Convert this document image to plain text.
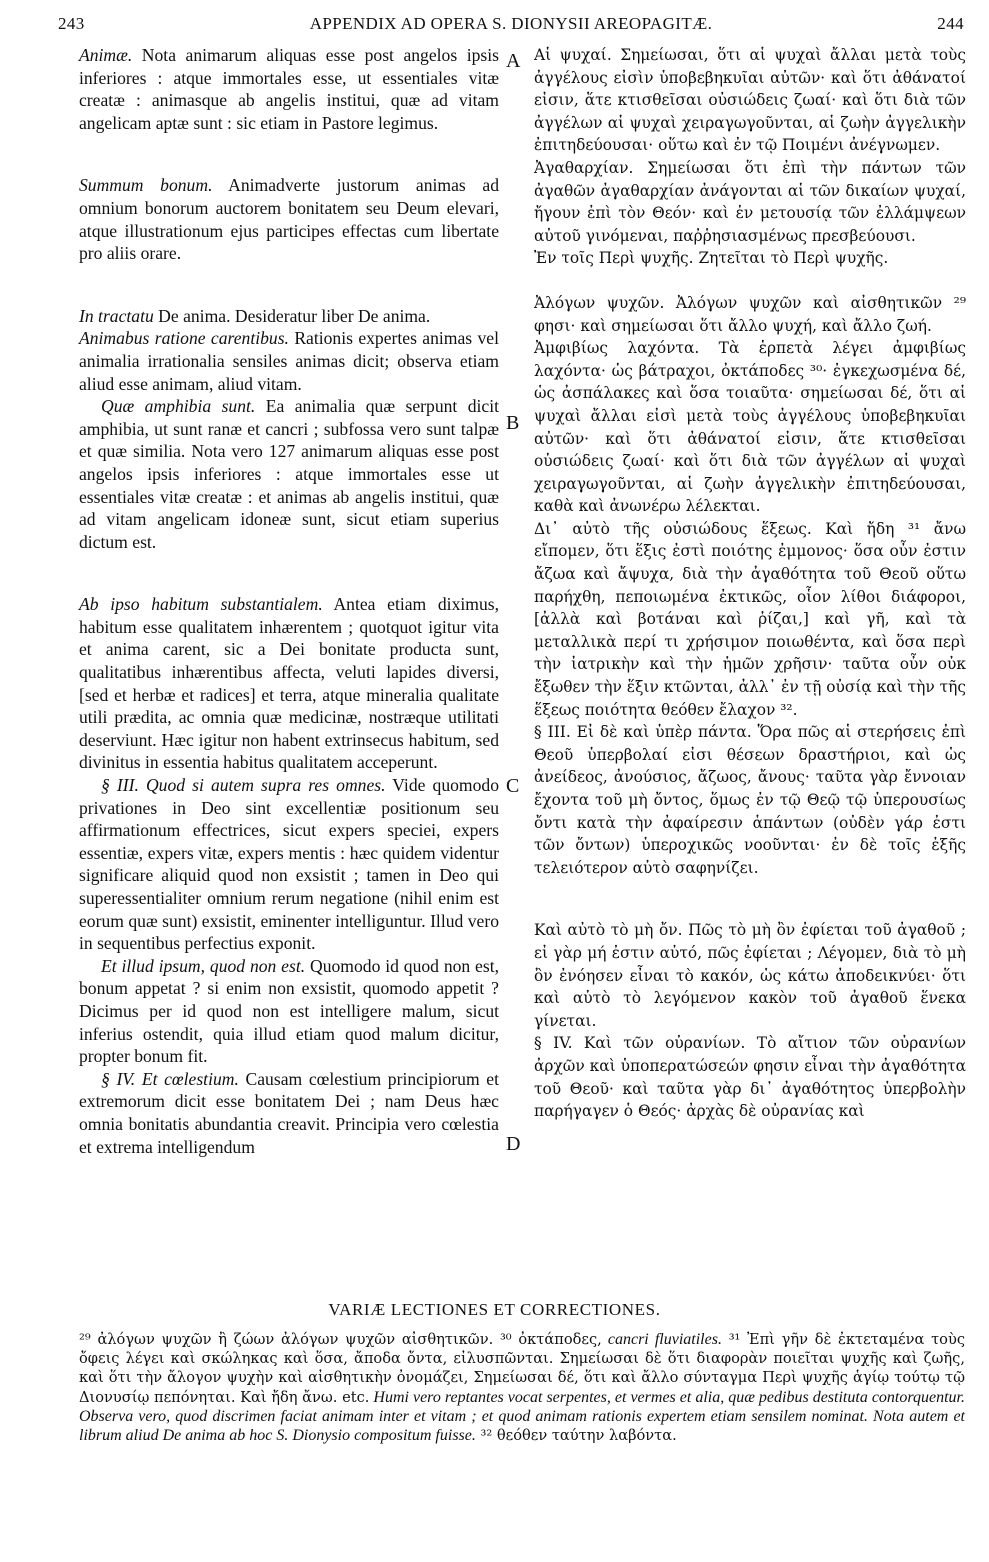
243	APPENDIX AD OPERA S. DIONYSII AREOPAGITÆ.	244
A
B
C
D

Animæ. Nota animarum aliquas esse post angelos ipsis inferiores : atque immortales esse, ut essentiales vitæ creatæ : animasque ab angelis institui, quæ ad vitam angelicam aptæ sunt : sic etiam in Pastore legimus.

Summum bonum. Animadverte justorum animas ad omnium bonorum auctorem bonitatem seu Deum elevari, atque illustrationum ejus participes effectas cum libertate pro aliis orare.

In tractatu De anima. Desideratur liber De anima.

Animabus ratione carentibus. Rationis expertes animas vel animalia irrationalia sensiles animas dicit; observa etiam aliud esse animam, aliud vitam.

Quæ amphibia sunt. Ea animalia quæ serpunt dicit amphibia, ut sunt ranæ et cancri ; subfossa vero sunt talpæ et quæ similia. Nota vero 127 animarum aliquas esse post angelos ipsis inferiores : atque immortales esse ut essentiales vitæ creatæ : et animas ab angelis institui, quæ ad vitam angelicam idoneæ sunt, sicut etiam superius dictum est.

Ab ipso habitum substantialem. Antea etiam diximus, habitum esse qualitatem inhærentem ; quotquot igitur vita et anima carent, sic a Dei bonitate producta sunt, qualitatibus inhærentibus affecta, veluti lapides diversi, [sed et herbæ et radices] et terra, atque mineralia qualitate utili prædita, ac omnia quæ medicinæ, nostræque utilitati deserviunt. Hæc igitur non habent extrinsecus habitum, sed divinitus in essentia habitus qualitatem acceperunt.

§ III. Quod si autem supra res omnes. Vide quomodo privationes in Deo sint excellentiæ positionum seu affirmationum effectrices, sicut expers speciei, expers essentiæ, expers vitæ, expers mentis : hæc quidem videntur significare aliquid quod non exsistit ; tamen in Deo qui superessentialiter omnium rerum negatione (nihil enim est eorum quæ sunt) exsistit, eminenter intelliguntur. Illud vero in sequentibus perfectius exponit.

Et illud ipsum, quod non est. Quomodo id quod non est, bonum appetat ? si enim non exsistit, quomodo appetit ? Dicimus per id quod non est intelligere malum, sicut inferius ostendit, quia illud etiam quod malum dicitur, propter bonum fit.

§ IV. Et cœlestium. Causam cœlestium principiorum et extremorum dicit esse bonitatem Dei ; nam Deus hæc omnia bonitatis abundantia creavit. Principia vero cœlestia et extrema intelligendum

Αἱ ψυχαί. Σημείωσαι, ὅτι αἱ ψυχαὶ ἄλλαι μετὰ τοὺς ἀγγέλους εἰσὶν ὑποβεβηκυῖαι αὐτῶν· καὶ ὅτι ἀθάνατοί εἰσιν, ἅτε κτισθεῖσαι οὐσιώδεις ζωαί· καὶ ὅτι διὰ τῶν ἀγγέλων αἱ ψυχαὶ χειραγωγοῦνται, αἱ ζωὴν ἀγγελικὴν ἐπιτηδεύουσαι· οὕτω καὶ ἐν τῷ Ποιμένι ἀνέγνωμεν.

Ἀγαθαρχίαν. Σημείωσαι ὅτι ἐπὶ τὴν πάντων τῶν ἀγαθῶν ἀγαθαρχίαν ἀνάγονται αἱ τῶν δικαίων ψυχαί, ἤγουν ἐπὶ τὸν Θεόν· καὶ ἐν μετουσίᾳ τῶν ἐλλάμψεων αὐτοῦ γινόμεναι, παῤῥησιασμένως πρεσβεύουσι.

Ἐν τοῖς Περὶ ψυχῆς. Ζητεῖται τὸ Περὶ ψυχῆς.

Ἀλόγων ψυχῶν. Ἀλόγων ψυχῶν καὶ αἰσθητικῶν ²⁹ φησι· καὶ σημείωσαι ὅτι ἄλλο ψυχή, καὶ ἄλλο ζωή.

Ἀμφιβίως λαχόντα. Τὰ ἑρπετὰ λέγει ἀμφιβίως λαχόντα· ὡς βάτραχοι, ὀκτάποδες ³⁰· ἐγκεχωσμένα δέ, ὡς ἀσπάλακες καὶ ὅσα τοιαῦτα· σημείωσαι δέ, ὅτι αἱ ψυχαὶ ἄλλαι εἰσὶ μετὰ τοὺς ἀγγέλους ὑποβεβηκυῖαι αὐτῶν· καὶ ὅτι ἀθάνατοί εἰσιν, ἅτε κτισθεῖσαι οὐσιώδεις ζωαί· καὶ ὅτι διὰ τῶν ἀγγέλων αἱ ψυχαὶ χειραγωγοῦνται, αἱ ζωὴν ἀγγελικὴν ἐπιτηδεύουσαι, καθὰ καὶ ἀνωνέρω λέλεκται.

Δι᾿ αὐτὸ τῆς οὐσιώδους ἕξεως. Καὶ ἤδη ³¹ ἄνω εἴπομεν, ὅτι ἕξις ἐστὶ ποιότης ἐμμονος· ὅσα οὖν ἐστιν ἄζωα καὶ ἄψυχα, διὰ τὴν ἀγαθότητα τοῦ Θεοῦ οὕτω παρήχθη, πεποιωμένα ἐκτικῶς, οἷον λίθοι διάφοροι, [ἀλλὰ καὶ βοτάναι καὶ ῥίζαι,] καὶ γῆ, καὶ τὰ μεταλλικὰ περί τι χρήσιμον ποιωθέντα, καὶ ὅσα περὶ τὴν ἰατρικὴν καὶ τὴν ἡμῶν χρῆσιν· ταῦτα οὖν οὐκ ἔξωθεν τὴν ἕξιν κτῶνται, ἀλλ᾿ ἐν τῇ οὐσίᾳ καὶ τὴν τῆς ἕξεως ποιότητα θεόθεν ἔλαχον ³².

§ III. Εἰ δὲ καὶ ὑπὲρ πάντα. Ὅρα πῶς αἱ στερήσεις ἐπὶ Θεοῦ ὑπερβολαί εἰσι θέσεων δραστήριοι, καὶ ὡς ἀνείδεος, ἀνούσιος, ἄζωος, ἄνους· ταῦτα γὰρ ἔννοιαν ἔχοντα τοῦ μὴ ὄντος, ὅμως ἐν τῷ Θεῷ τῷ ὑπερουσίως ὄντι κατὰ τὴν ἀφαίρεσιν ἁπάντων (οὐδὲν γάρ ἐστι τῶν ὄντων) ὑπεροχικῶς νοοῦνται· ἐν δὲ τοῖς ἑξῆς τελειότερον αὐτὸ σαφηνίζει.

Καὶ αὐτὸ τὸ μὴ ὄν. Πῶς τὸ μὴ ὂν ἐφίεται τοῦ ἀγαθοῦ ; εἰ γὰρ μή ἐστιν αὐτό, πῶς ἐφίεται ; Λέγομεν, διὰ τὸ μὴ ὂν ἐνόησεν εἶναι τὸ κακόν, ὡς κάτω ἀποδεικνύει· ὅτι καὶ αὐτὸ τὸ λεγόμενον κακὸν τοῦ ἀγαθοῦ ἕνεκα γίνεται.

§ IV. Καὶ τῶν οὐρανίων. Τὸ αἴτιον τῶν οὐρανίων ἀρχῶν καὶ ὑποπερατώσεών φησιν εἶναι τὴν ἀγαθότητα τοῦ Θεοῦ· καὶ ταῦτα γὰρ δι᾿ ἀγαθότητος ὑπερβολὴν παρήγαγεν ὁ Θεός· ἀρχὰς δὲ οὐρανίας καὶ

VARIÆ LECTIONES ET CORRECTIONES.

²⁹ ἀλόγων ψυχῶν ἢ ζώων ἀλόγων ψυχῶν αἰσθητικῶν. ³⁰ ὀκτάποδες, cancri fluviatiles. ³¹ Ἐπὶ γῆν δὲ ἐκτεταμένα τοὺς ὄφεις λέγει καὶ σκώληκας καὶ ὅσα, ἄποδα ὄντα, εἰλυσπῶνται. Σημείωσαι δὲ ὅτι διαφορὰν ποιεῖται ψυχῆς καὶ ζωῆς, καὶ ὅτι τὴν ἄλογον ψυχὴν καὶ αἰσθητικὴν ὀνομάζει, Σημείωσαι δέ, ὅτι καὶ ἄλλο σύνταγμα Περὶ ψυχῆς ἁγίῳ τούτῳ τῷ Διονυσίῳ πεπόνηται. Καὶ ἤδη ἄνω. etc. Humi vero reptantes vocat serpentes, et vermes et alia, quæ pedibus destituta contorquentur. Observa vero, quod discrimen faciat animam inter et vitam ; et quod animam rationis expertem etiam sensilem nominat. Nota autem et librum aliud De anima ab hoc S. Dionysio compositum fuisse. ³² θεόθεν ταύτην λαβόντα.
